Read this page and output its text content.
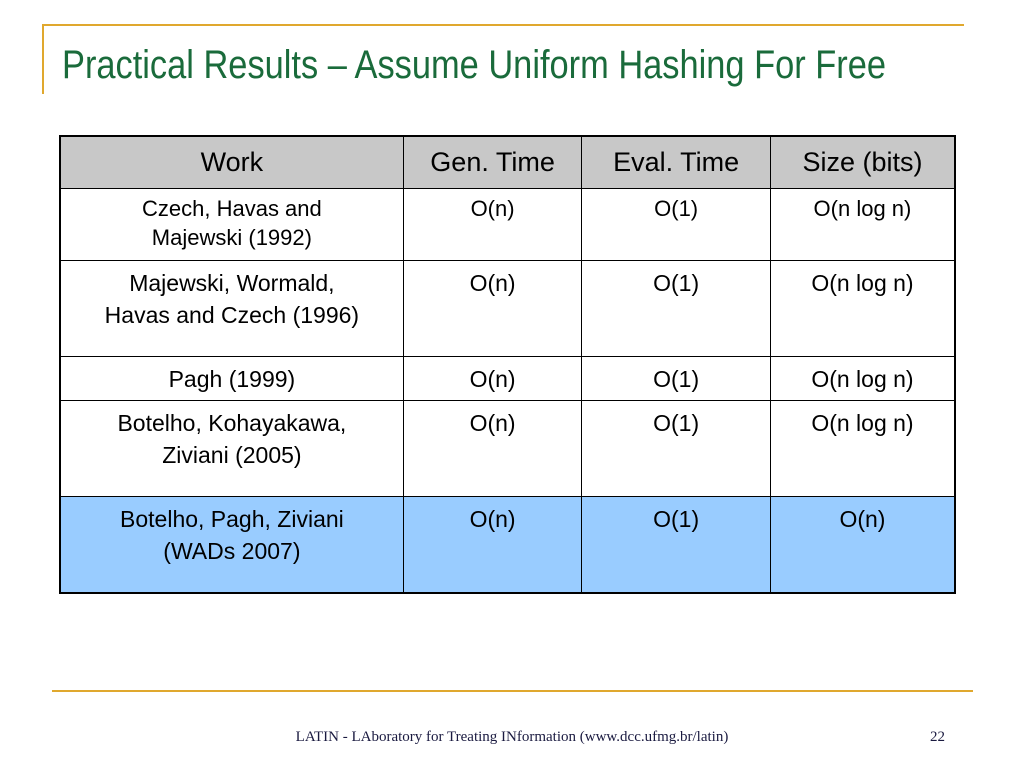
Practical Results – Assume Uniform Hashing For Free
Work	Gen. Time	Eval. Time	Size (bits)
Czech, Havas and
Majewski (1992)	O(n)	O(1)	O(n log n)
Majewski, Wormald,
Havas and Czech (1996)	O(n)	O(1)	O(n log n)
Pagh (1999)	O(n)	O(1)	O(n log n)
Botelho, Kohayakawa,
Ziviani (2005)	O(n)	O(1)	O(n log n)
Botelho, Pagh, Ziviani
(WADs 2007)	O(n)	O(1)	O(n)
LATIN - LAboratory for Treating INformation (www.dcc.ufmg.br/latin)	22
